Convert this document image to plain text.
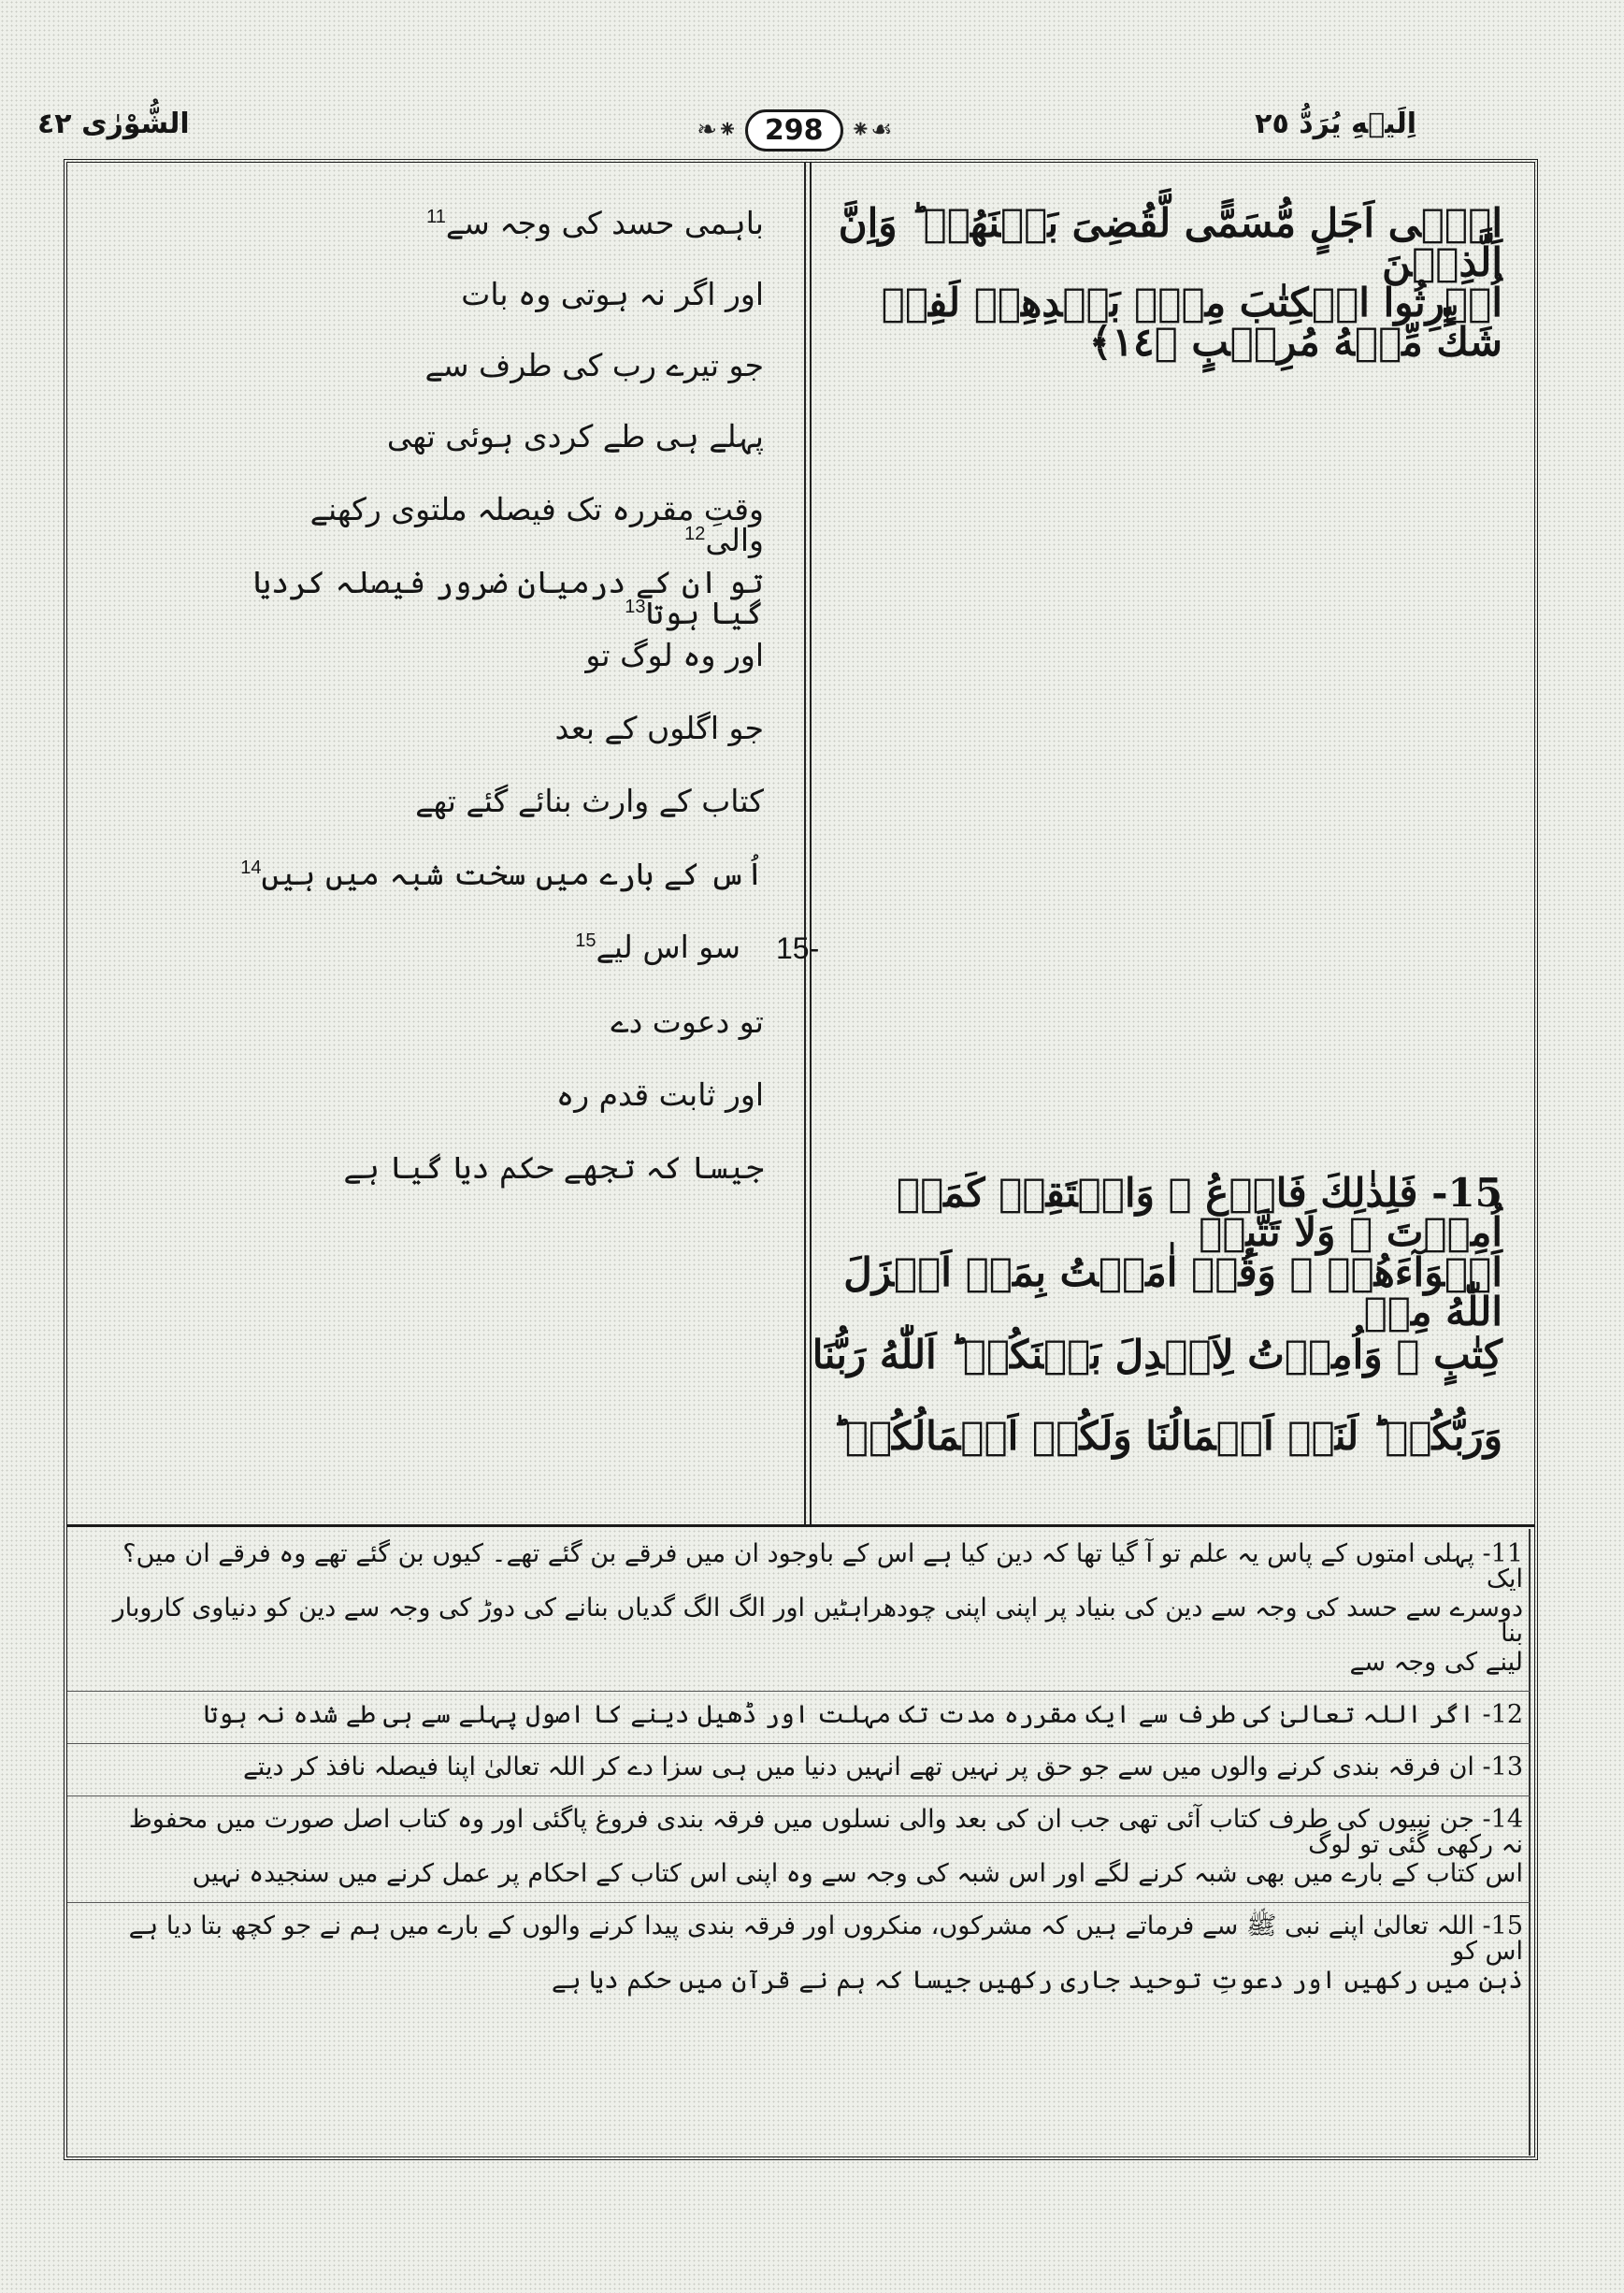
اِلَيۡهِ يُرَدُّ ٢٥
❧⁕ 298	⁕☙
الشُّوْرٰی ٤٢
اِلٰۤى اَجَلٍ مُّسَمًّى لَّقُضِىَ بَيۡنَهُمۡ ؕ وَاِنَّ الَّذِيۡنَ
اُوۡرِثُوا الۡكِتٰبَ مِنۡۢ بَعۡدِهِمۡ لَفِىۡ شَكٍّ مِّنۡهُ مُرِيۡبٍ ﴿١٤﴾
15- فَلِذٰلِكَ فَادۡعُ ۚ وَاسۡتَقِمۡ كَمَاۤ اُمِرۡتَ ۚ وَلَا تَتَّبِعۡ
اَهۡوَآءَهُمۡ ۚ وَقُلۡ اٰمَنۡتُ بِمَاۤ اَنۡزَلَ اللّٰهُ مِنۡ
كِتٰبٍ ۚ وَاُمِرۡتُ لِاَعۡدِلَ بَيۡنَكُمۡ ؕ اَللّٰهُ رَبُّنَا
وَرَبُّكُمۡ ؕ لَنَاۤ اَعۡمَالُنَا وَلَكُمۡ اَعۡمَالُكُمۡ ؕ
باہمی حسد کی وجہ سے$^{11}$
اور اگر نہ ہوتی وہ بات
جو تیرے رب کی طرف سے
پہلے ہی طے کردی ہوئی تھی
وقتِ مقررہ تک فیصلہ ملتوی رکھنے والی$^{12}$
تو ان کے درمیان ضرور فیصلہ کردیا گیا ہوتا$^{13}$
اور وہ لوگ تو
جو اگلوں کے بعد
کتاب کے وارث بنائے گئے تھے
اُس کے بارے میں سخت شبہ میں ہیں$^{14}$
15-
سو اس لیے$^{15}$
تو دعوت دے
اور ثابت قدم رہ
جیسا کہ تجھے حکم دیا گیا ہے
11- پہلی امتوں کے پاس یہ علم تو آ گیا تھا کہ دین کیا ہے اس کے باوجود ان میں فرقے بن گئے تھے۔ کیوں بن گئے تھے وہ فرقے ان میں؟ ایک
دوسرے سے حسد کی وجہ سے دین کی بنیاد پر اپنی اپنی چودھراہٹیں اور الگ الگ گدیاں بنانے کی دوڑ کی وجہ سے دین کو دنیاوی کاروبار بنا
لینے کی وجہ سے
12- اگر اللہ تعالیٰ کی طرف سے ایک مقررہ مدت تک مہلت اور ڈھیل دینے کا اصول پہلے سے ہی طے شدہ نہ ہوتا
13- ان فرقہ بندی کرنے والوں میں سے جو حق پر نہیں تھے انہیں دنیا میں ہی سزا دے کر اللہ تعالیٰ اپنا فیصلہ نافذ کر دیتے
14- جن نبیوں کی طرف کتاب آئی تھی جب ان کی بعد والی نسلوں میں فرقہ بندی فروغ پاگئی اور وہ کتاب اصل صورت میں محفوظ نہ رکھی گئی تو لوگ
اس کتاب کے بارے میں بھی شبہ کرنے لگے اور اس شبہ کی وجہ سے وہ اپنی اس کتاب کے احکام پر عمل کرنے میں سنجیدہ نہیں
15- اللہ تعالیٰ اپنے نبی ﷺ سے فرماتے ہیں کہ مشرکوں، منکروں اور فرقہ بندی پیدا کرنے والوں کے بارے میں ہم نے جو کچھ بتا دیا ہے اس کو
ذہن میں رکھیں اور دعوتِ توحید جاری رکھیں جیسا کہ ہم نے قرآن میں حکم دیا ہے
